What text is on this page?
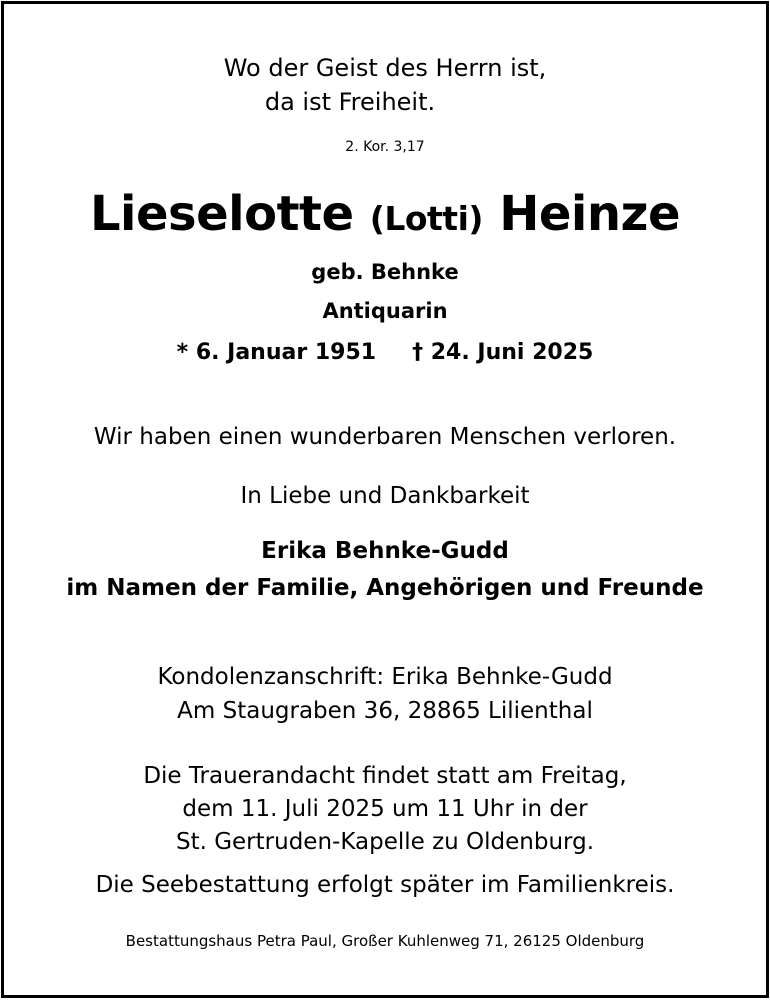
Wo der Geist des Herrn ist,
da ist Freiheit.
2. Kor. 3,17
Lieselotte (Lotti) Heinze
geb. Behnke
Antiquarin
* 6. Januar 1951 † 24. Juni 2025
Wir haben einen wunderbaren Menschen verloren.
In Liebe und Dankbarkeit
Erika Behnke-Gudd
im Namen der Familie, Angehörigen und Freunde
Kondolenzanschrift: Erika Behnke-Gudd
Am Staugraben 36, 28865 Lilienthal
Die Trauerandacht findet statt am Freitag,
dem 11. Juli 2025 um 11 Uhr in der
St. Gertruden-Kapelle zu Oldenburg.
Die Seebestattung erfolgt später im Familienkreis.
Bestattungshaus Petra Paul, Großer Kuhlenweg 71, 26125 Oldenburg
